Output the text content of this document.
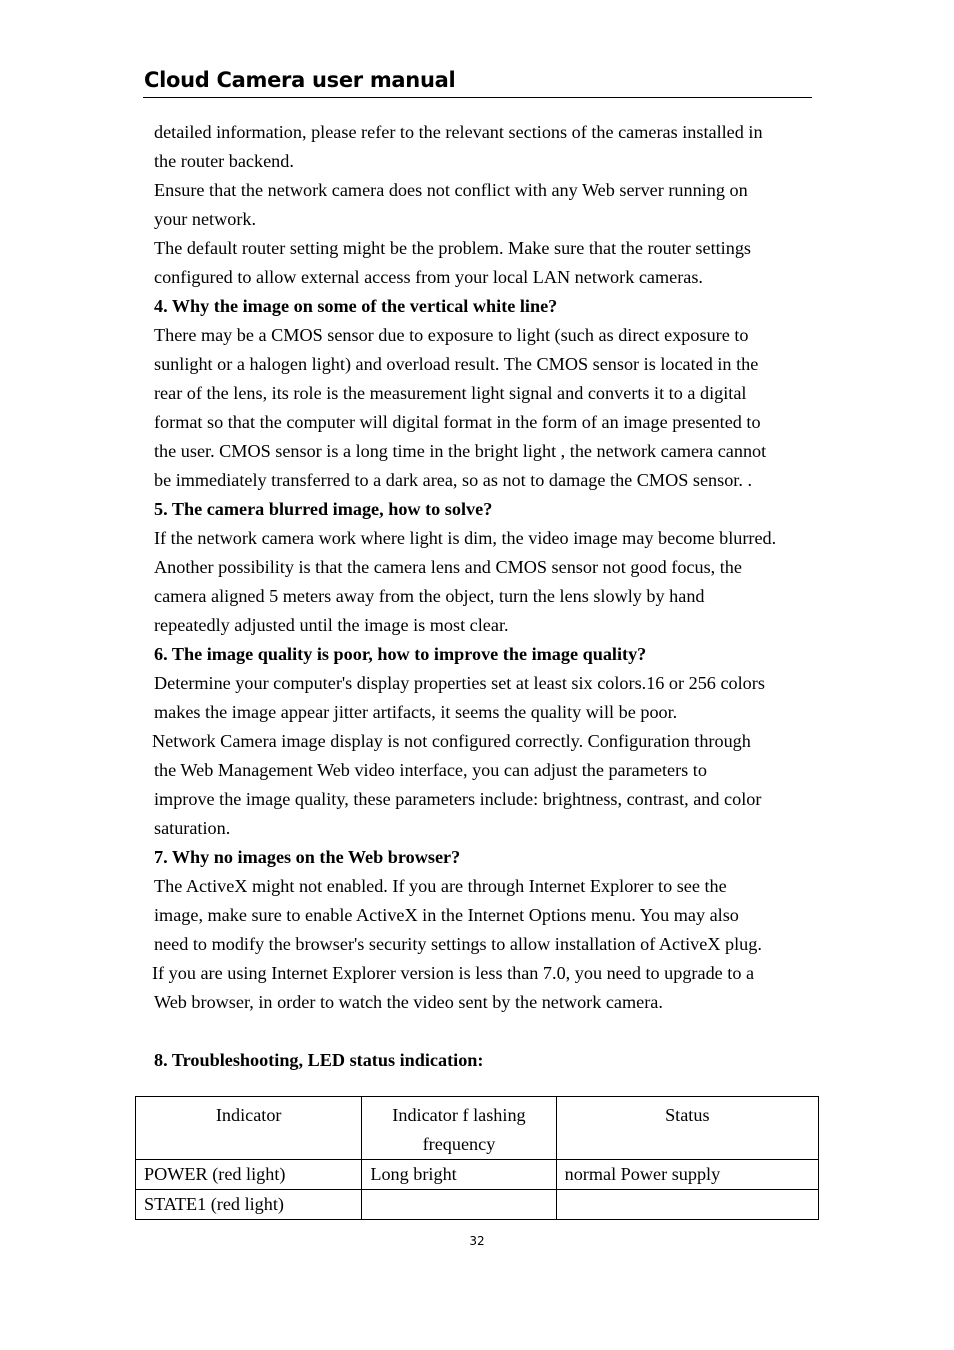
Cloud Camera user manual
detailed information, please refer to the relevant sections of the cameras installed in
the router backend.
Ensure that the network camera does not conflict with any Web server running on
your network.
The default router setting might be the problem. Make sure that the router settings
configured to allow external access from your local LAN network cameras.
4. Why the image on some of the vertical white line?
There may be a CMOS sensor due to exposure to light (such as direct exposure to
sunlight or a halogen light) and overload result. The CMOS sensor is located in the
rear of the lens, its role is the measurement light signal and converts it to a digital
format so that the computer will digital format in the form of an image presented to
the user. CMOS sensor is a long time in the bright light , the network camera cannot
be immediately transferred to a dark area, so as not to damage the CMOS sensor. .
5. The camera blurred image, how to solve?
If the network camera work where light is dim, the video image may become blurred.
Another possibility is that the camera lens and CMOS sensor not good focus, the
camera aligned 5 meters away from the object, turn the lens slowly by hand
repeatedly adjusted until the image is most clear.
6. The image quality is poor, how to improve the image quality?
Determine your computer's display properties set at least six colors.16 or 256 colors
makes the image appear jitter artifacts, it seems the quality will be poor.
Network Camera image display is not configured correctly. Configuration through
the Web Management Web video interface, you can adjust the parameters to
improve the image quality, these parameters include: brightness, contrast, and color
saturation.
7. Why no images on the Web browser?
The ActiveX might not enabled. If you are through Internet Explorer to see the
image, make sure to enable ActiveX in the Internet Options menu. You may also
need to modify the browser's security settings to allow installation of ActiveX plug.
If you are using Internet Explorer version is less than 7.0, you need to upgrade to a
Web browser, in order to watch the video sent by the network camera.
8. Troubleshooting, LED status indication:
Indicator	Indicator f lashing frequency	Status
POWER (red light)	Long bright	normal Power supply
STATE1 (red light)		
32
